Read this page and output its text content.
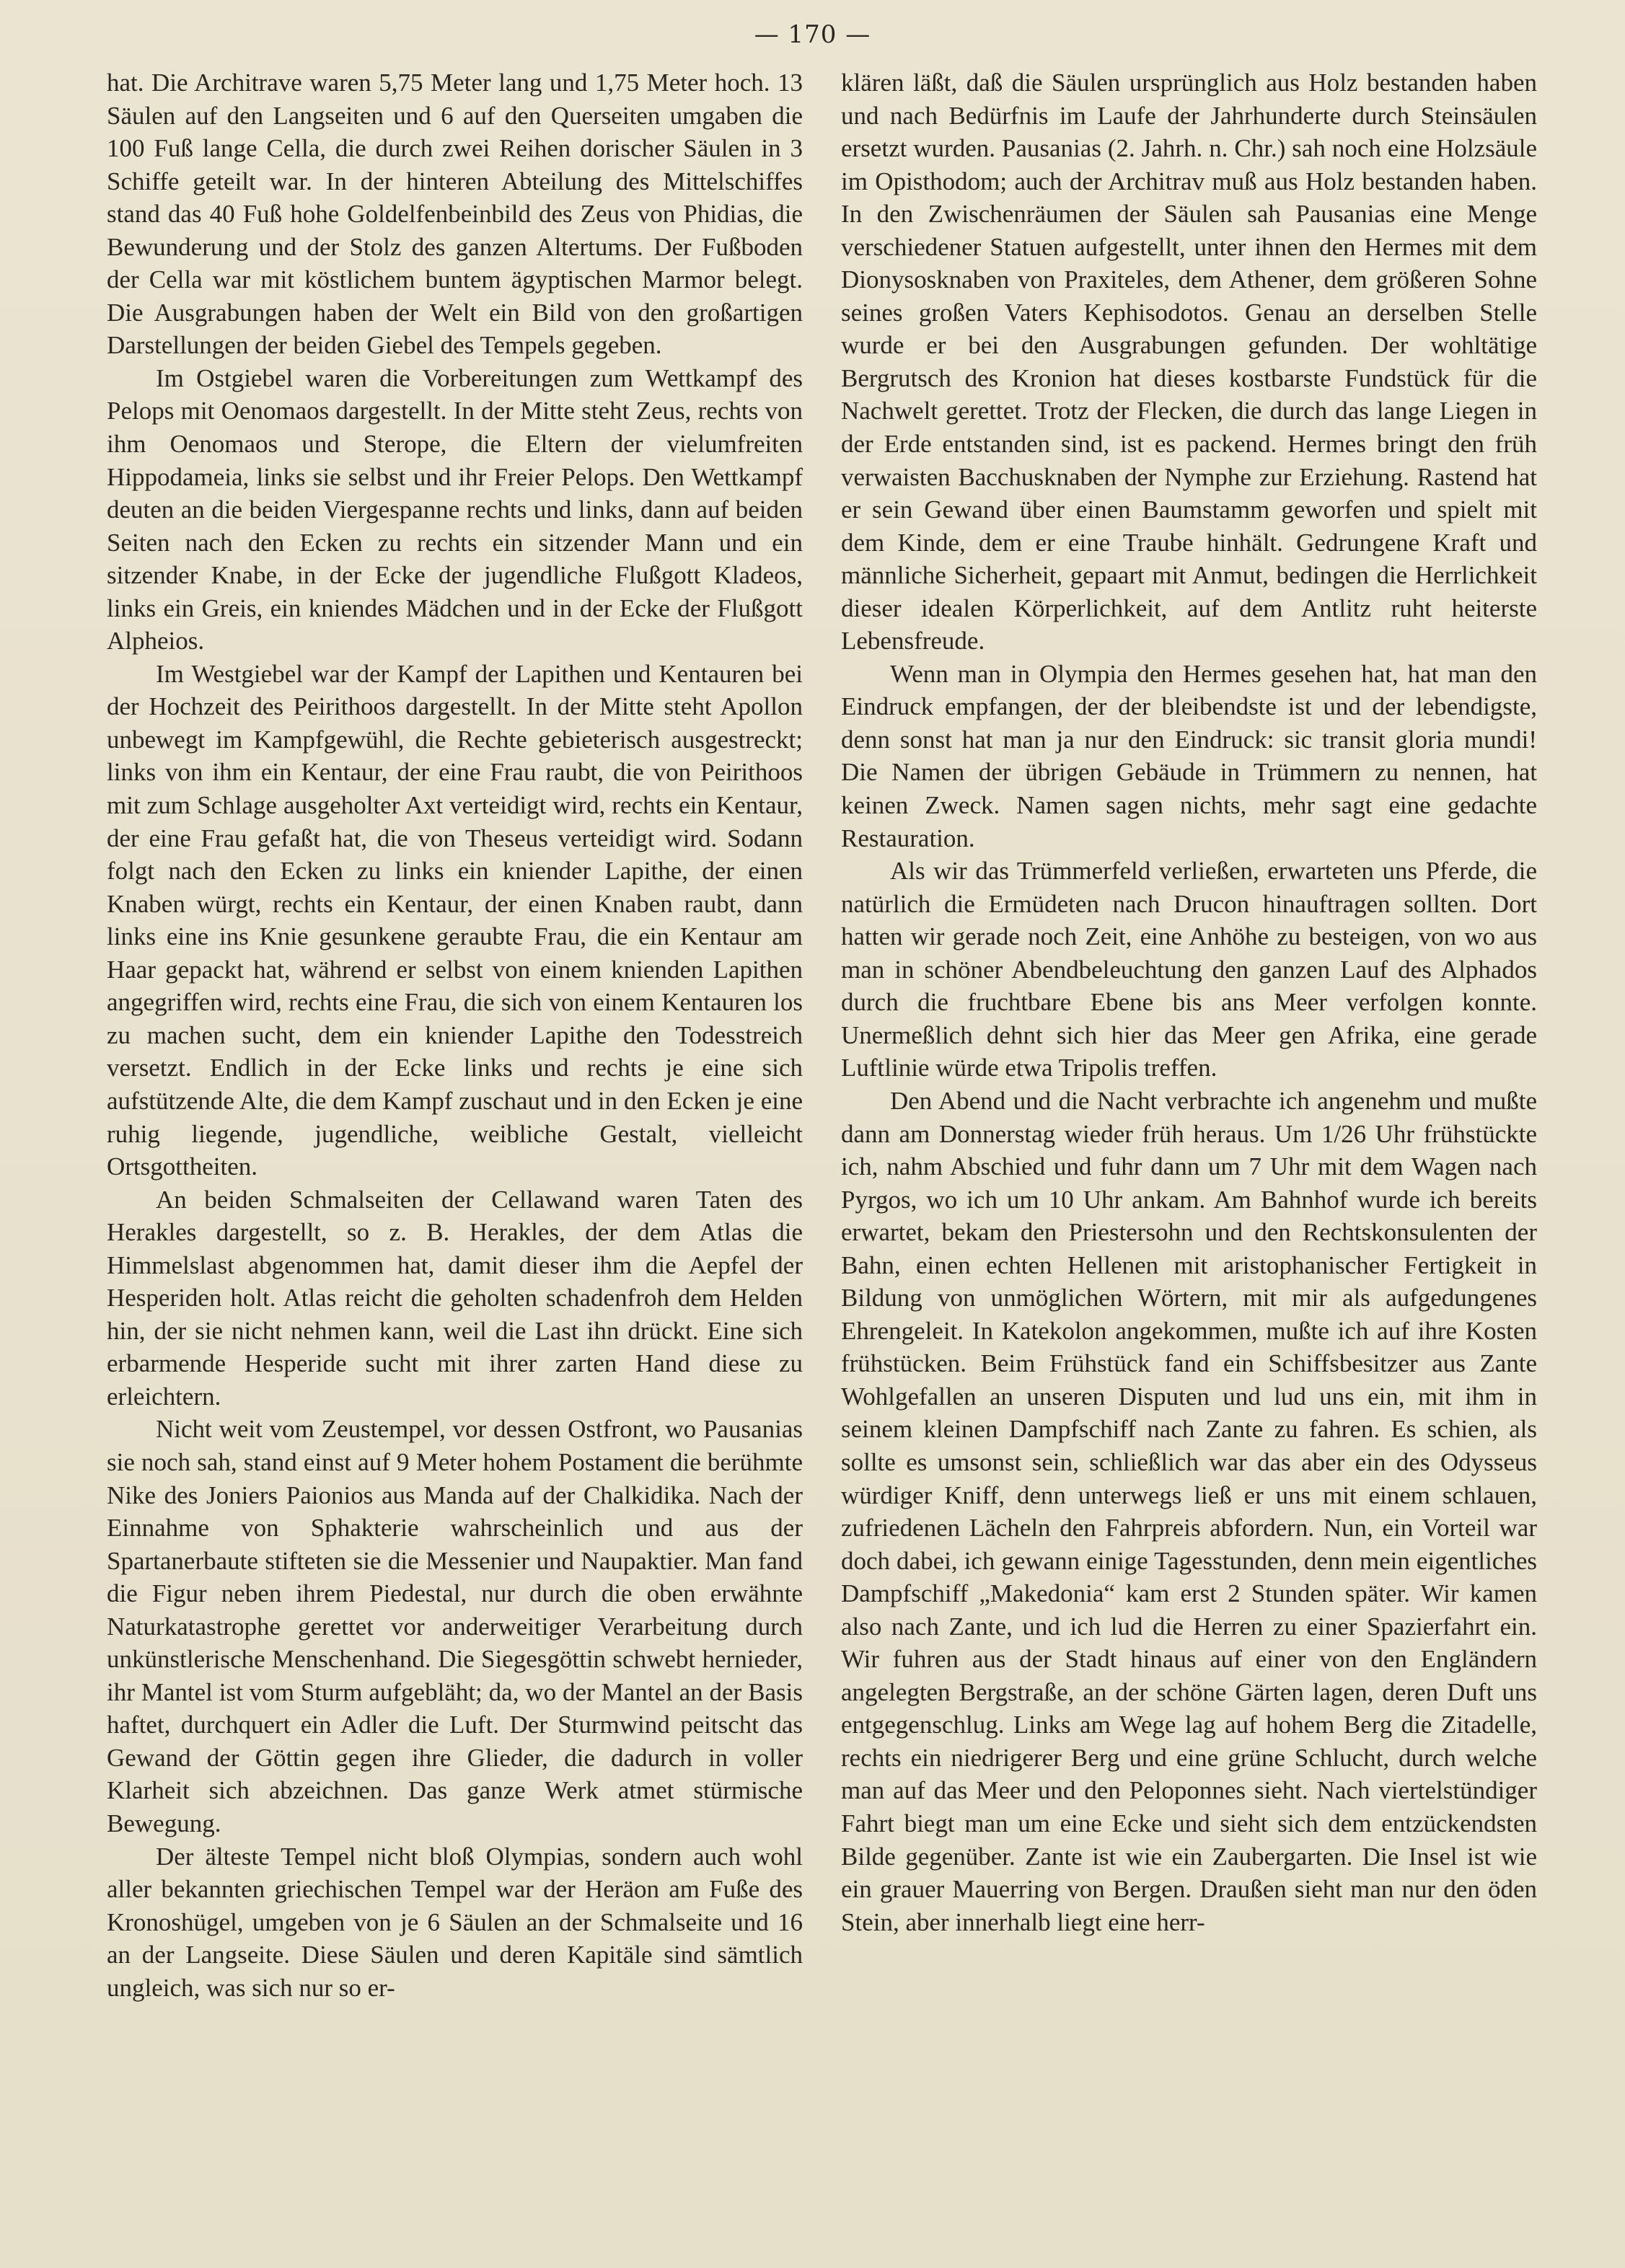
— 170 —

hat. Die Architrave waren 5,75 Meter lang und 1,75 Meter hoch. 13 Säulen auf den Langseiten und 6 auf den Querseiten umgaben die 100 Fuß lange Cella, die durch zwei Reihen dorischer Säulen in 3 Schiffe geteilt war. In der hinteren Abteilung des Mittelschiffes stand das 40 Fuß hohe Goldelfenbeinbild des Zeus von Phidias, die Bewunderung und der Stolz des ganzen Altertums. Der Fußboden der Cella war mit köstlichem buntem ägyptischen Marmor belegt. Die Ausgrabungen haben der Welt ein Bild von den großartigen Darstellungen der beiden Giebel des Tempels gegeben.

Im Ostgiebel waren die Vorbereitungen zum Wettkampf des Pelops mit Oenomaos dargestellt. In der Mitte steht Zeus, rechts von ihm Oenomaos und Sterope, die Eltern der vielumfreiten Hippodameia, links sie selbst und ihr Freier Pelops. Den Wettkampf deuten an die beiden Viergespanne rechts und links, dann auf beiden Seiten nach den Ecken zu rechts ein sitzender Mann und ein sitzender Knabe, in der Ecke der jugendliche Flußgott Kladeos, links ein Greis, ein kniendes Mädchen und in der Ecke der Flußgott Alpheios.

Im Westgiebel war der Kampf der Lapithen und Kentauren bei der Hochzeit des Peirithoos dargestellt. In der Mitte steht Apollon unbewegt im Kampfgewühl, die Rechte gebieterisch ausgestreckt; links von ihm ein Kentaur, der eine Frau raubt, die von Peirithoos mit zum Schlage ausgeholter Axt verteidigt wird, rechts ein Kentaur, der eine Frau gefaßt hat, die von Theseus verteidigt wird. Sodann folgt nach den Ecken zu links ein kniender Lapithe, der einen Knaben würgt, rechts ein Kentaur, der einen Knaben raubt, dann links eine ins Knie gesunkene geraubte Frau, die ein Kentaur am Haar gepackt hat, während er selbst von einem knienden Lapithen angegriffen wird, rechts eine Frau, die sich von einem Kentauren los zu machen sucht, dem ein kniender Lapithe den Todesstreich versetzt. Endlich in der Ecke links und rechts je eine sich aufstützende Alte, die dem Kampf zuschaut und in den Ecken je eine ruhig liegende, jugendliche, weibliche Gestalt, vielleicht Ortsgottheiten.

An beiden Schmalseiten der Cellawand waren Taten des Herakles dargestellt, so z. B. Herakles, der dem Atlas die Himmelslast abgenommen hat, damit dieser ihm die Aepfel der Hesperiden holt. Atlas reicht die geholten schadenfroh dem Helden hin, der sie nicht nehmen kann, weil die Last ihn drückt. Eine sich erbarmende Hesperide sucht mit ihrer zarten Hand diese zu erleichtern.

Nicht weit vom Zeustempel, vor dessen Ostfront, wo Pausanias sie noch sah, stand einst auf 9 Meter hohem Postament die berühmte Nike des Joniers Paionios aus Manda auf der Chalkidika. Nach der Einnahme von Sphakterie wahrscheinlich und aus der Spartanerbaute stifteten sie die Messenier und Naupaktier. Man fand die Figur neben ihrem Piedestal, nur durch die oben erwähnte Naturkatastrophe gerettet vor anderweitiger Verarbeitung durch unkünstlerische Menschenhand. Die Siegesgöttin schwebt hernieder, ihr Mantel ist vom Sturm aufgebläht; da, wo der Mantel an der Basis haftet, durchquert ein Adler die Luft. Der Sturmwind peitscht das Gewand der Göttin gegen ihre Glieder, die dadurch in voller Klarheit sich abzeichnen. Das ganze Werk atmet stürmische Bewegung.

Der älteste Tempel nicht bloß Olympias, sondern auch wohl aller bekannten griechischen Tempel war der Heräon am Fuße des Kronoshügel, umgeben von je 6 Säulen an der Schmalseite und 16 an der Langseite. Diese Säulen und deren Kapitäle sind sämtlich ungleich, was sich nur so er-

klären läßt, daß die Säulen ursprünglich aus Holz bestanden haben und nach Bedürfnis im Laufe der Jahrhunderte durch Steinsäulen ersetzt wurden. Pausanias (2. Jahrh. n. Chr.) sah noch eine Holzsäule im Opisthodom; auch der Architrav muß aus Holz bestanden haben. In den Zwischenräumen der Säulen sah Pausanias eine Menge verschiedener Statuen aufgestellt, unter ihnen den Hermes mit dem Dionysosknaben von Praxiteles, dem Athener, dem größeren Sohne seines großen Vaters Kephisodotos. Genau an derselben Stelle wurde er bei den Ausgrabungen gefunden. Der wohltätige Bergrutsch des Kronion hat dieses kostbarste Fundstück für die Nachwelt gerettet. Trotz der Flecken, die durch das lange Liegen in der Erde entstanden sind, ist es packend. Hermes bringt den früh verwaisten Bacchusknaben der Nymphe zur Erziehung. Rastend hat er sein Gewand über einen Baumstamm geworfen und spielt mit dem Kinde, dem er eine Traube hinhält. Gedrungene Kraft und männliche Sicherheit, gepaart mit Anmut, bedingen die Herrlichkeit dieser idealen Körperlichkeit, auf dem Antlitz ruht heiterste Lebensfreude.

Wenn man in Olympia den Hermes gesehen hat, hat man den Eindruck empfangen, der der bleibendste ist und der lebendigste, denn sonst hat man ja nur den Eindruck: sic transit gloria mundi! Die Namen der übrigen Gebäude in Trümmern zu nennen, hat keinen Zweck. Namen sagen nichts, mehr sagt eine gedachte Restauration.

Als wir das Trümmerfeld verließen, erwarteten uns Pferde, die natürlich die Ermüdeten nach Drucon hinauftragen sollten. Dort hatten wir gerade noch Zeit, eine Anhöhe zu besteigen, von wo aus man in schöner Abendbeleuchtung den ganzen Lauf des Alphados durch die fruchtbare Ebene bis ans Meer verfolgen konnte. Unermeßlich dehnt sich hier das Meer gen Afrika, eine gerade Luftlinie würde etwa Tripolis treffen.

Den Abend und die Nacht verbrachte ich angenehm und mußte dann am Donnerstag wieder früh heraus. Um 1/26 Uhr frühstückte ich, nahm Abschied und fuhr dann um 7 Uhr mit dem Wagen nach Pyrgos, wo ich um 10 Uhr ankam. Am Bahnhof wurde ich bereits erwartet, bekam den Priestersohn und den Rechtskonsulenten der Bahn, einen echten Hellenen mit aristophanischer Fertigkeit in Bildung von unmöglichen Wörtern, mit mir als aufgedungenes Ehrengeleit. In Katekolon angekommen, mußte ich auf ihre Kosten frühstücken. Beim Frühstück fand ein Schiffsbesitzer aus Zante Wohlgefallen an unseren Disputen und lud uns ein, mit ihm in seinem kleinen Dampfschiff nach Zante zu fahren. Es schien, als sollte es umsonst sein, schließlich war das aber ein des Odysseus würdiger Kniff, denn unterwegs ließ er uns mit einem schlauen, zufriedenen Lächeln den Fahrpreis abfordern. Nun, ein Vorteil war doch dabei, ich gewann einige Tagesstunden, denn mein eigentliches Dampfschiff „Makedonia“ kam erst 2 Stunden später. Wir kamen also nach Zante, und ich lud die Herren zu einer Spazierfahrt ein. Wir fuhren aus der Stadt hinaus auf einer von den Engländern angelegten Bergstraße, an der schöne Gärten lagen, deren Duft uns entgegenschlug. Links am Wege lag auf hohem Berg die Zitadelle, rechts ein niedrigerer Berg und eine grüne Schlucht, durch welche man auf das Meer und den Peloponnes sieht. Nach viertelstündiger Fahrt biegt man um eine Ecke und sieht sich dem entzückendsten Bilde gegenüber. Zante ist wie ein Zaubergarten. Die Insel ist wie ein grauer Mauerring von Bergen. Draußen sieht man nur den öden Stein, aber innerhalb liegt eine herr-
